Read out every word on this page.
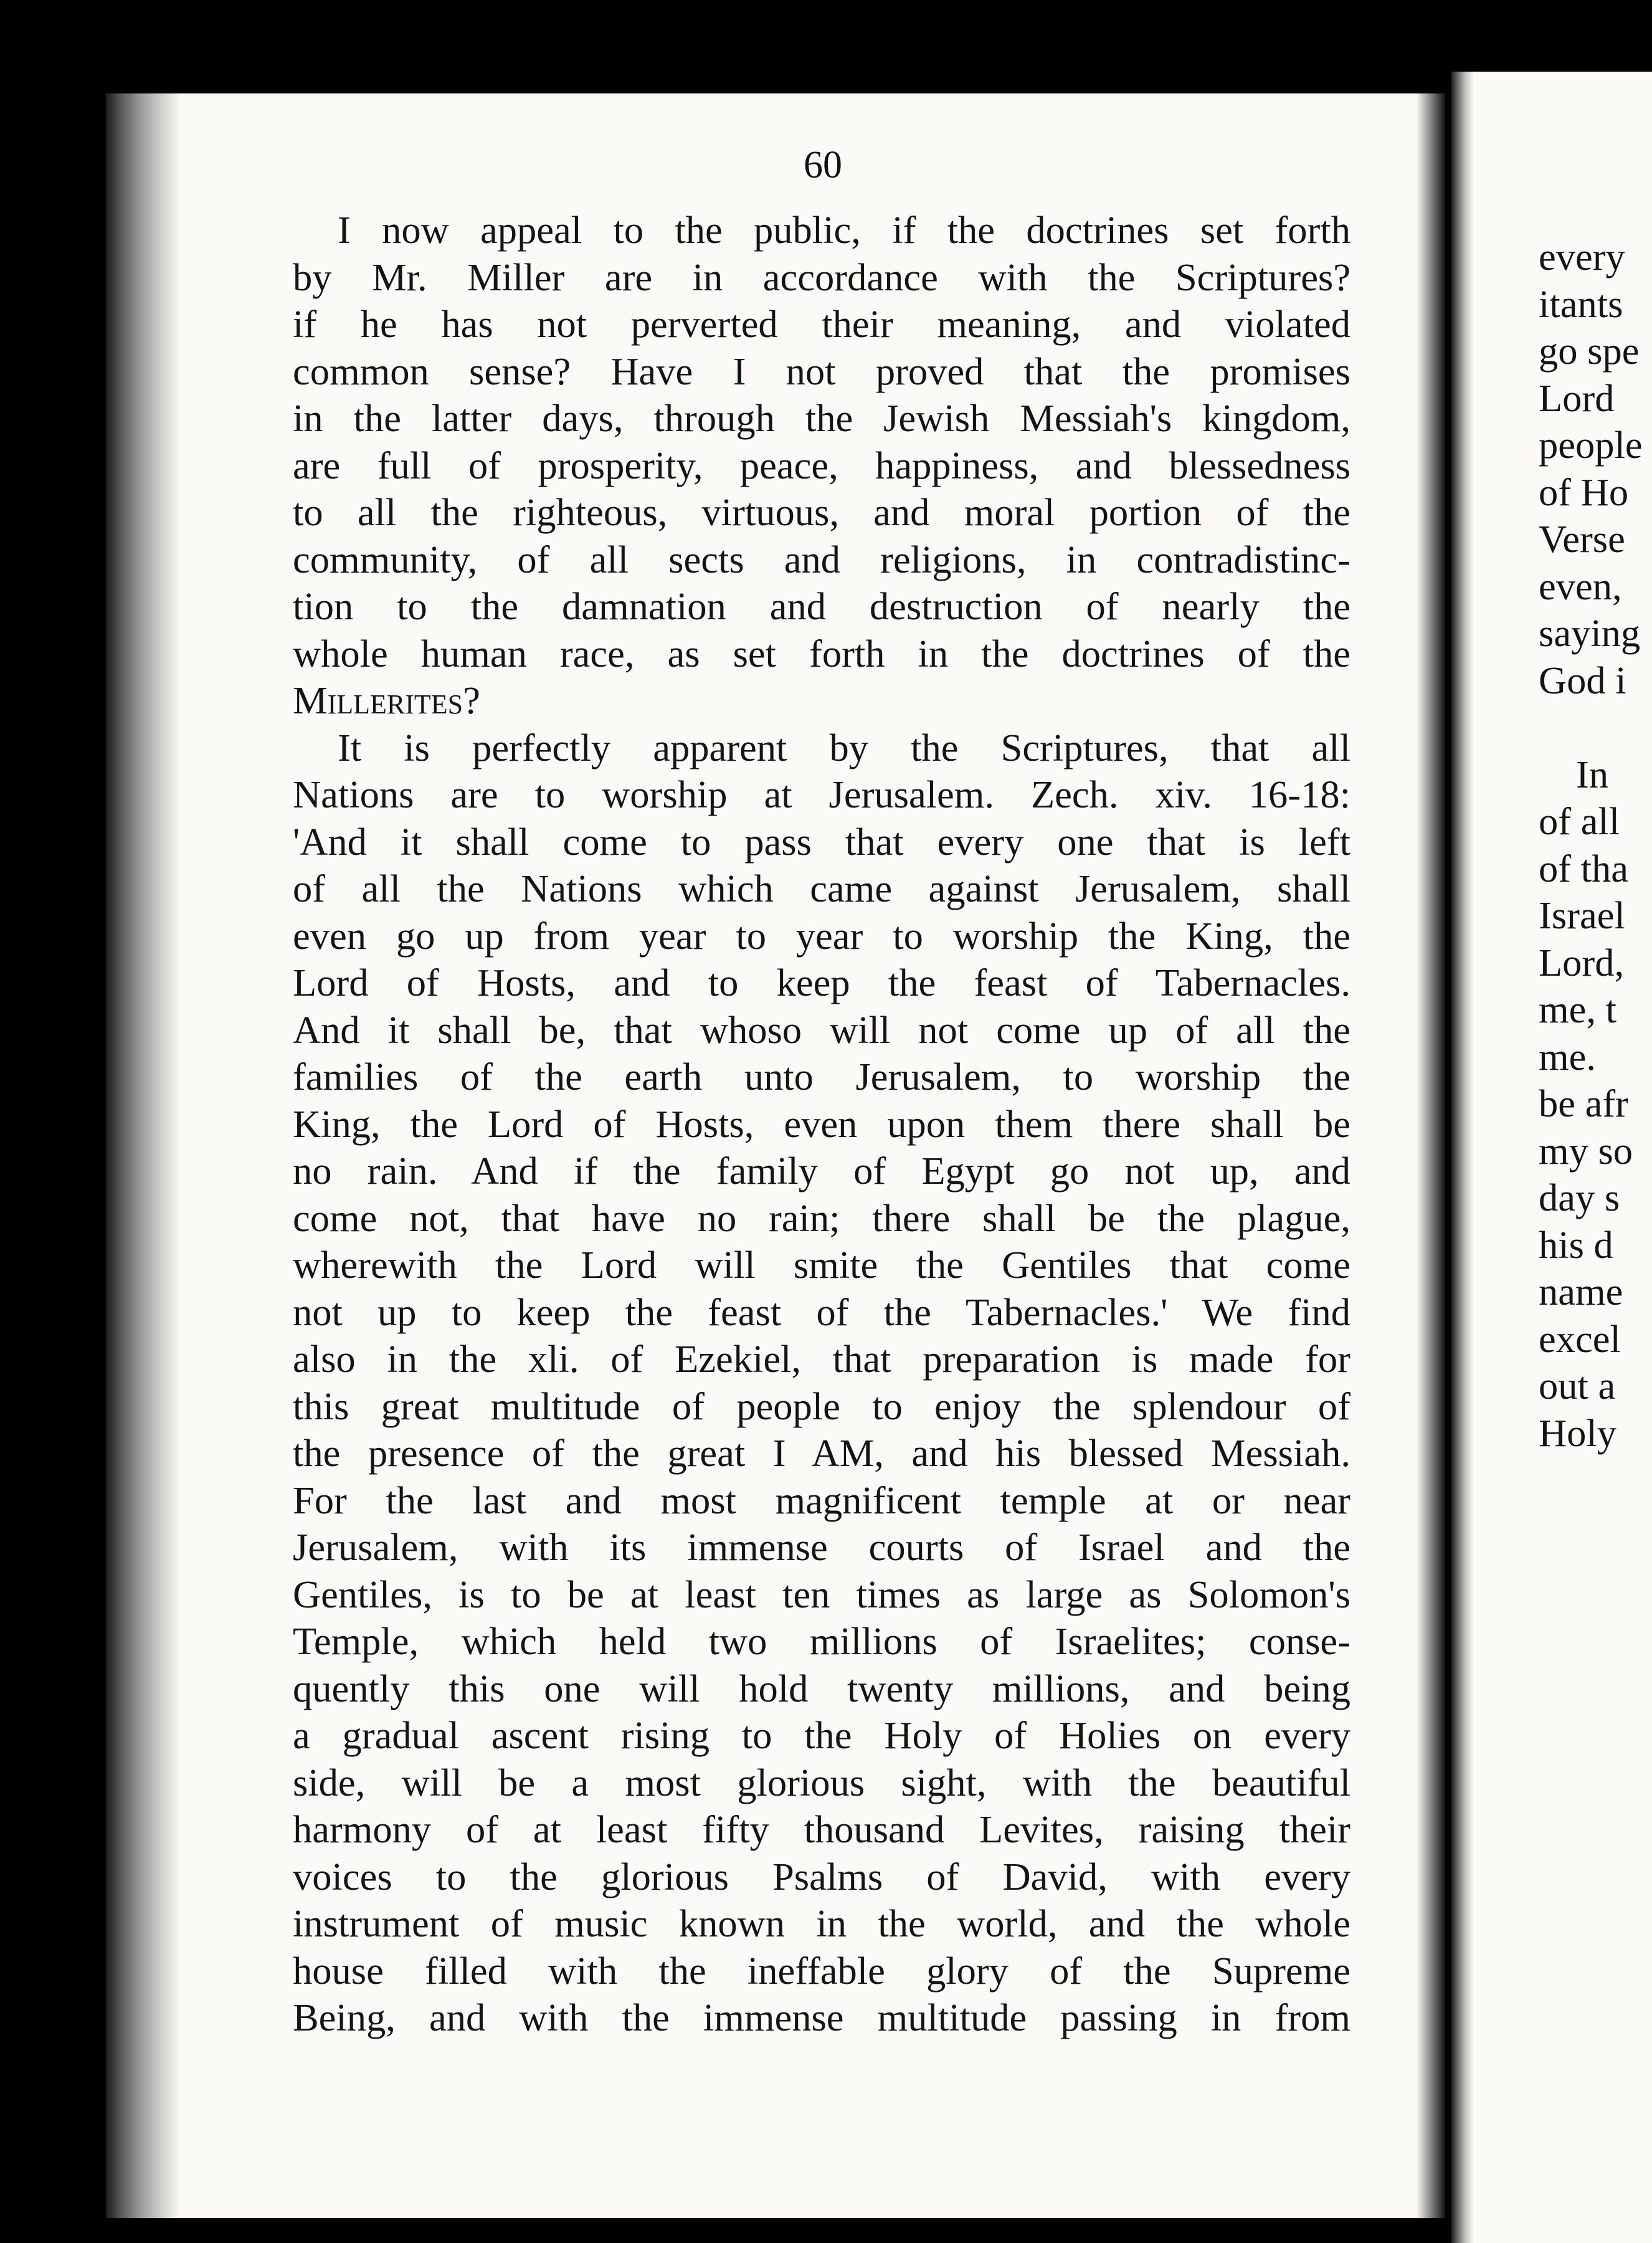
60
I now appeal to the public, if the doctrines set forth
by Mr. Miller are in accordance with the Scriptures?
if he has not perverted their meaning, and violated
common sense? Have I not proved that the promises
in the latter days, through the Jewish Messiah's kingdom,
are full of prosperity, peace, happiness, and blessedness
to all the righteous, virtuous, and moral portion of the
community, of all sects and religions, in contradistinc-
tion to the damnation and destruction of nearly the
whole human race, as set forth in the doctrines of the
Millerites?
It is perfectly apparent by the Scriptures, that all
Nations are to worship at Jerusalem. Zech. xiv. 16-18:
'And it shall come to pass that every one that is left
of all the Nations which came against Jerusalem, shall
even go up from year to year to worship the King, the
Lord of Hosts, and to keep the feast of Tabernacles.
And it shall be, that whoso will not come up of all the
families of the earth unto Jerusalem, to worship the
King, the Lord of Hosts, even upon them there shall be
no rain. And if the family of Egypt go not up, and
come not, that have no rain; there shall be the plague,
wherewith the Lord will smite the Gentiles that come
not up to keep the feast of the Tabernacles.' We find
also in the xli. of Ezekiel, that preparation is made for
this great multitude of people to enjoy the splendour of
the presence of the great I AM, and his blessed Messiah.
For the last and most magnificent temple at or near
Jerusalem, with its immense courts of Israel and the
Gentiles, is to be at least ten times as large as Solomon's
Temple, which held two millions of Israelites; conse-
quently this one will hold twenty millions, and being
a gradual ascent rising to the Holy of Holies on every
side, will be a most glorious sight, with the beautiful
harmony of at least fifty thousand Levites, raising their
voices to the glorious Psalms of David, with every
instrument of music known in the world, and the whole
house filled with the ineffable glory of the Supreme
Being, and with the immense multitude passing in from
every
itants
go spe
Lord
people
of Ho
Verse
even,
saying
God i
In
of all
of tha
Israel
Lord,
me, t
me.
be afr
my so
day s
his d
name
excel
out a
Holy
